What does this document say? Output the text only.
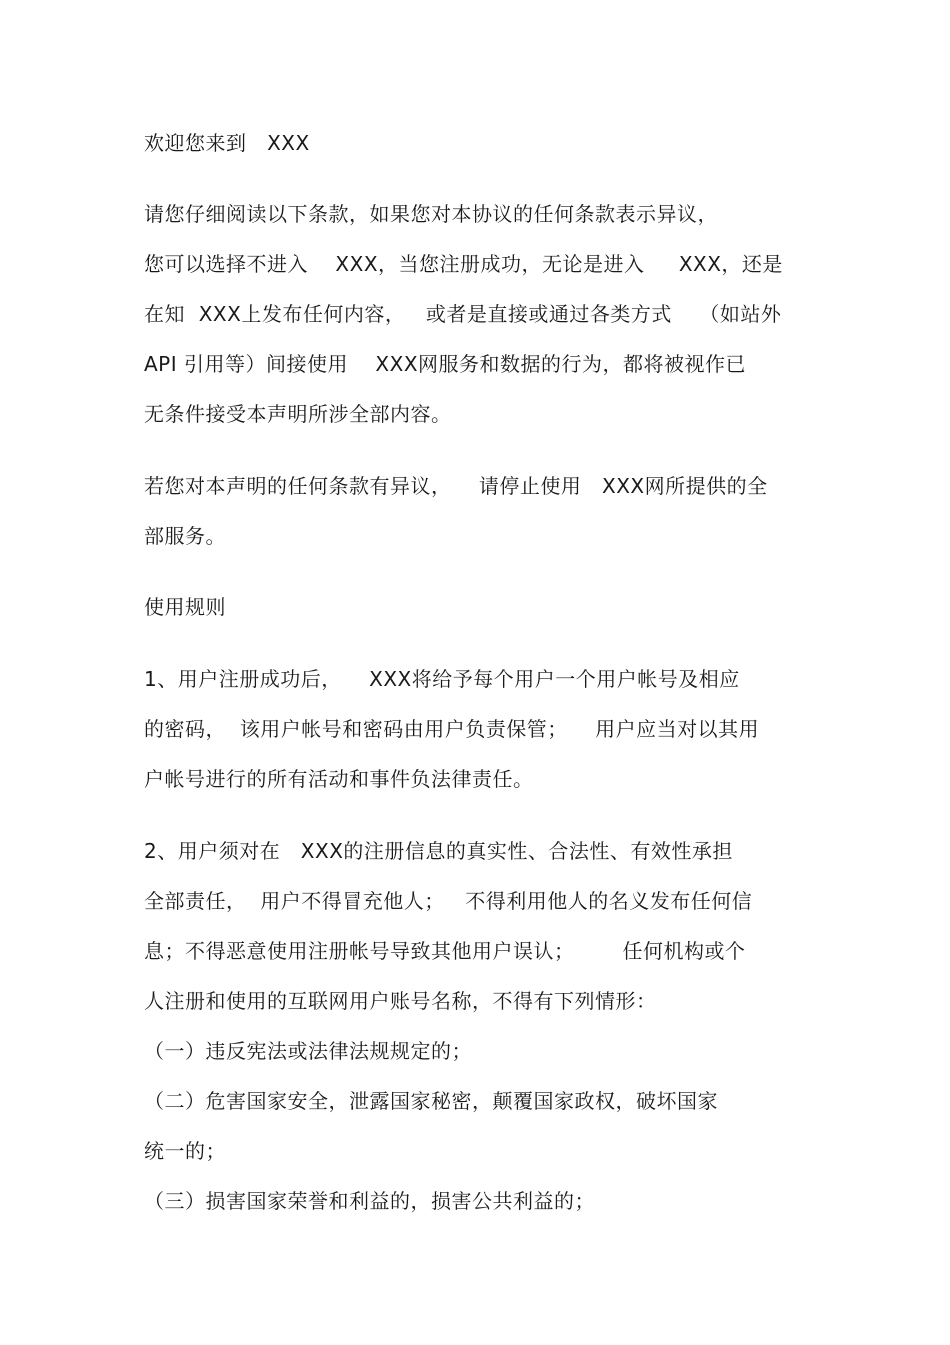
欢迎您来到   XXX
请您仔细阅读以下条款，如果您对本协议的任何条款表示异议，
您可以选择不进入    XXX，当您注册成功，无论是进入     XXX，还是
在知  XXX上发布任何内容，   或者是直接或通过各类方式    （如站外
API 引用等）间接使用    XXX网服务和数据的行为，都将被视作已
无条件接受本声明所涉全部内容。
若您对本声明的任何条款有异议，    请停止使用   XXX网所提供的全
部服务。
使用规则
1、用户注册成功后，    XXX将给予每个用户一个用户帐号及相应
的密码，  该用户帐号和密码由用户负责保管；    用户应当对以其用
户帐号进行的所有活动和事件负法律责任。
2、用户须对在   XXX的注册信息的真实性、合法性、有效性承担
全部责任，  用户不得冒充他人；   不得利用他人的名义发布任何信
息；不得恶意使用注册帐号导致其他用户误认；       任何机构或个
人注册和使用的互联网用户账号名称，不得有下列情形：
（一）违反宪法或法律法规规定的；
（二）危害国家安全，泄露国家秘密，颠覆国家政权，破坏国家
统一的；
（三）损害国家荣誉和利益的，损害公共利益的；
